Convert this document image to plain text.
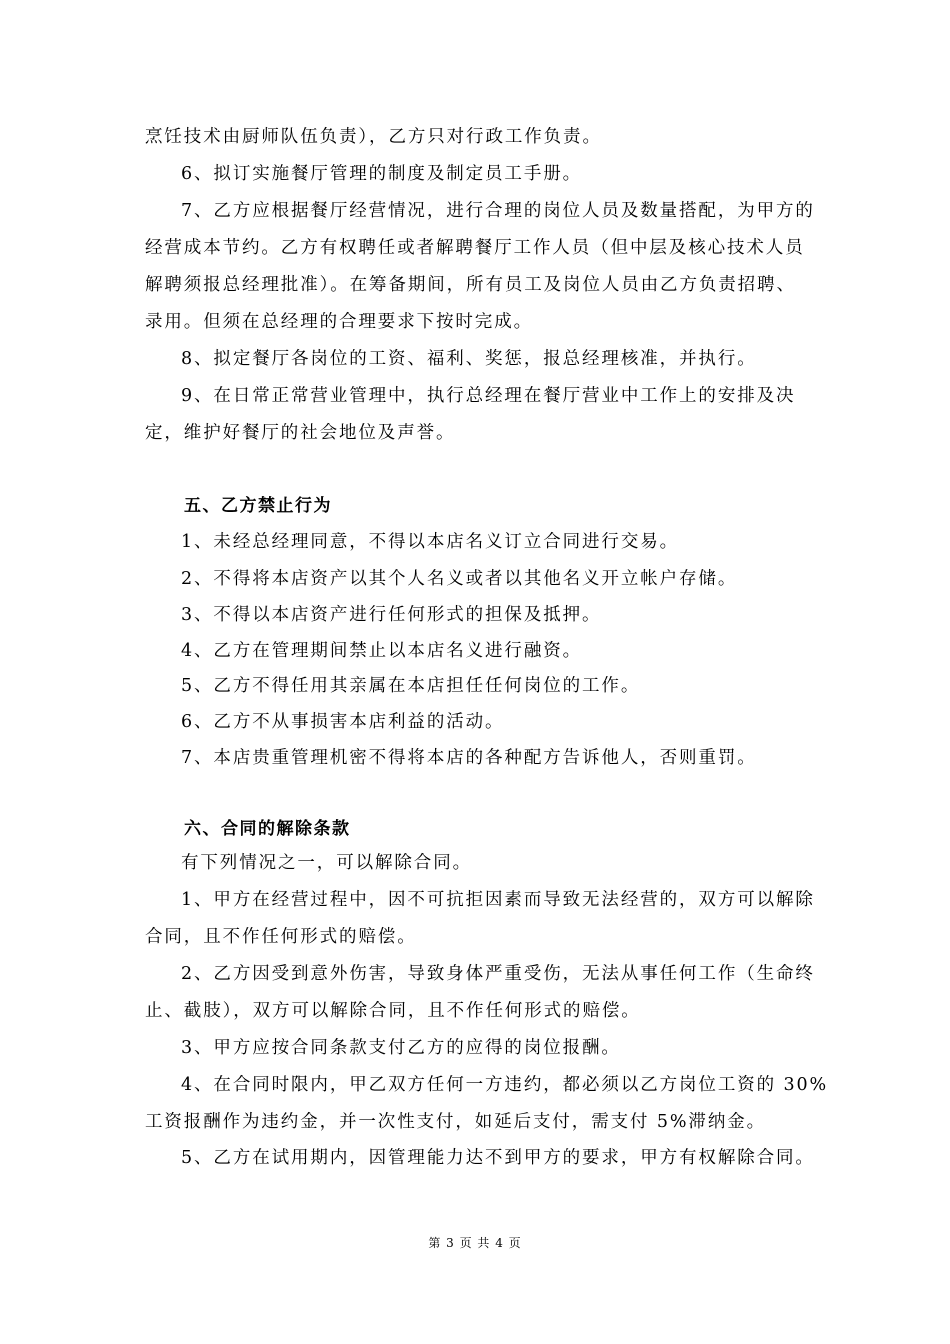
烹饪技术由厨师队伍负责），乙方只对行政工作负责。
6、拟订实施餐厅管理的制度及制定员工手册。
7、乙方应根据餐厅经营情况，进行合理的岗位人员及数量搭配，为甲方的
经营成本节约。乙方有权聘任或者解聘餐厅工作人员（但中层及核心技术人员
解聘须报总经理批准）。在筹备期间，所有员工及岗位人员由乙方负责招聘、
录用。但须在总经理的合理要求下按时完成。
8、拟定餐厅各岗位的工资、福利、奖惩，报总经理核准，并执行。
9、在日常正常营业管理中，执行总经理在餐厅营业中工作上的安排及决
定，维护好餐厅的社会地位及声誉。
五、乙方禁止行为
1、未经总经理同意，不得以本店名义订立合同进行交易。
2、不得将本店资产以其个人名义或者以其他名义开立帐户存储。
3、不得以本店资产进行任何形式的担保及抵押。
4、乙方在管理期间禁止以本店名义进行融资。
5、乙方不得任用其亲属在本店担任任何岗位的工作。
6、乙方不从事损害本店利益的活动。
7、本店贵重管理机密不得将本店的各种配方告诉他人，否则重罚。
六、合同的解除条款
有下列情况之一，可以解除合同。
1、甲方在经营过程中，因不可抗拒因素而导致无法经营的，双方可以解除
合同，且不作任何形式的赔偿。
2、乙方因受到意外伤害，导致身体严重受伤，无法从事任何工作（生命终
止、截肢），双方可以解除合同，且不作任何形式的赔偿。
3、甲方应按合同条款支付乙方的应得的岗位报酬。
4、在合同时限内，甲乙双方任何一方违约，都必须以乙方岗位工资的 30%
工资报酬作为违约金，并一次性支付，如延后支付，需支付 5%滞纳金。
5、乙方在试用期内，因管理能力达不到甲方的要求，甲方有权解除合同。
第 3 页 共 4 页
